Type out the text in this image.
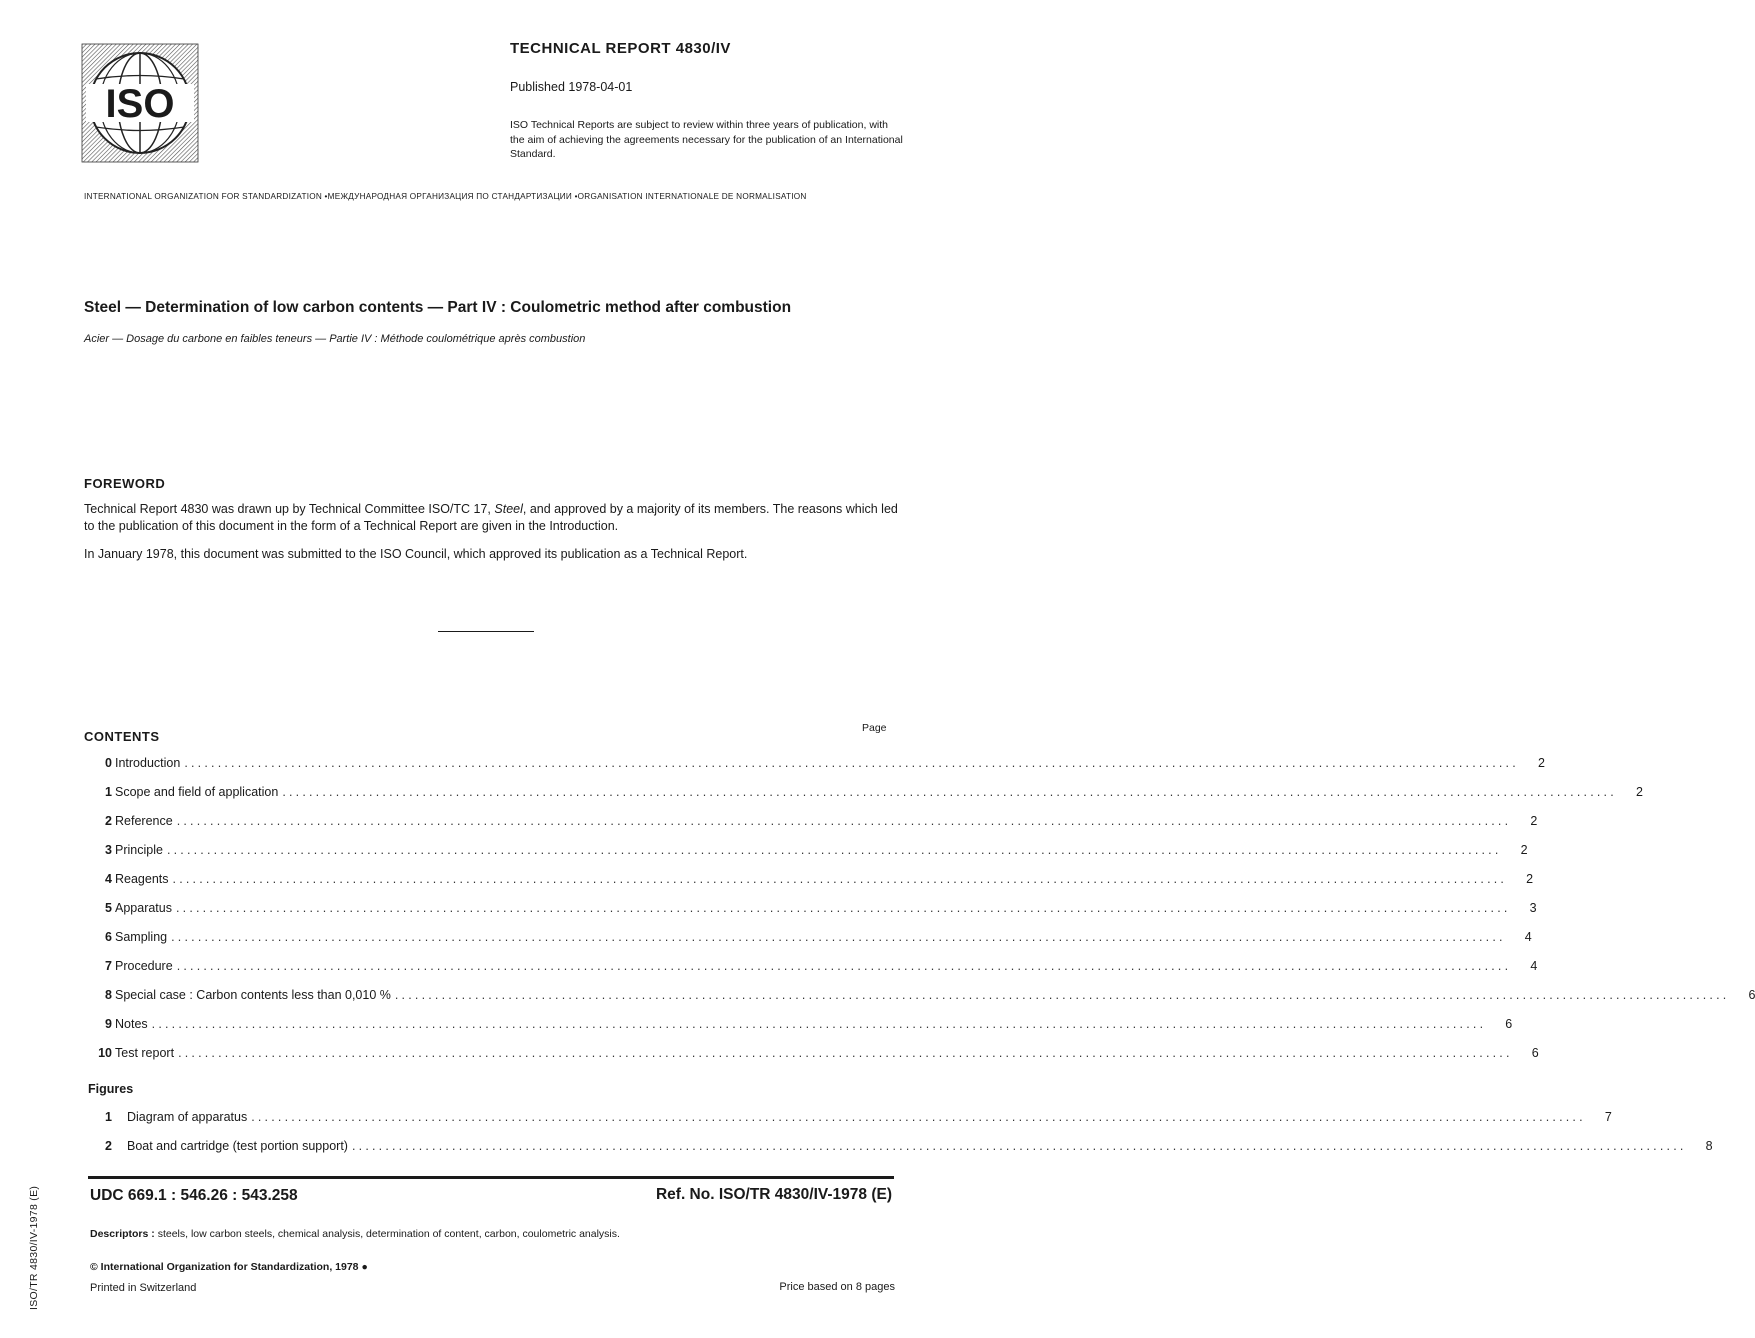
ISO
TECHNICAL REPORT 4830/IV
Published 1978-04-01
ISO Technical Reports are subject to review within three years of publication, with the aim of achieving the agreements necessary for the publication of an International Standard.
INTERNATIONAL ORGANIZATION FOR STANDARDIZATION •МЕЖДУНАРОДНАЯ ОРГАНИЗАЦИЯ ПО СТАНДАРТИЗАЦИИ •ORGANISATION INTERNATIONALE DE NORMALISATION
Steel — Determination of low carbon contents — Part IV : Coulometric method after combustion
Acier — Dosage du carbone en faibles teneurs — Partie IV : Méthode coulométrique après combustion
FOREWORD
Technical Report 4830 was drawn up by Technical Committee ISO/TC 17, Steel, and approved by a majority of its members. The reasons which led to the publication of this document in the form of a Technical Report are given in the Introduction.
In January 1978, this document was submitted to the ISO Council, which approved its publication as a Technical Report.
CONTENTS
Page
0 Introduction ........................................................................................................................................................................................................	2
1 Scope and field of application ........................................................................................................................................................................................................	2
2 Reference ........................................................................................................................................................................................................	2
3 Principle ........................................................................................................................................................................................................	2
4 Reagents ........................................................................................................................................................................................................	2
5 Apparatus ........................................................................................................................................................................................................	3
6 Sampling ........................................................................................................................................................................................................	4
7 Procedure ........................................................................................................................................................................................................	4
8 Special case : Carbon contents less than 0,010 % ........................................................................................................................................................................................................	6
9 Notes ........................................................................................................................................................................................................	6
10 Test report ........................................................................................................................................................................................................	6
Figures
1 Diagram of apparatus ........................................................................................................................................................................................................	7
2 Boat and cartridge (test portion support) ........................................................................................................................................................................................................	8
UDC 669.1 : 546.26 : 543.258	Ref. No. ISO/TR 4830/IV-1978 (E)
Descriptors : steels, low carbon steels, chemical analysis, determination of content, carbon, coulometric analysis.
© International Organization for Standardization, 1978 ●
Printed in Switzerland	Price based on 8 pages
ISO/TR 4830/IV-1978 (E)
